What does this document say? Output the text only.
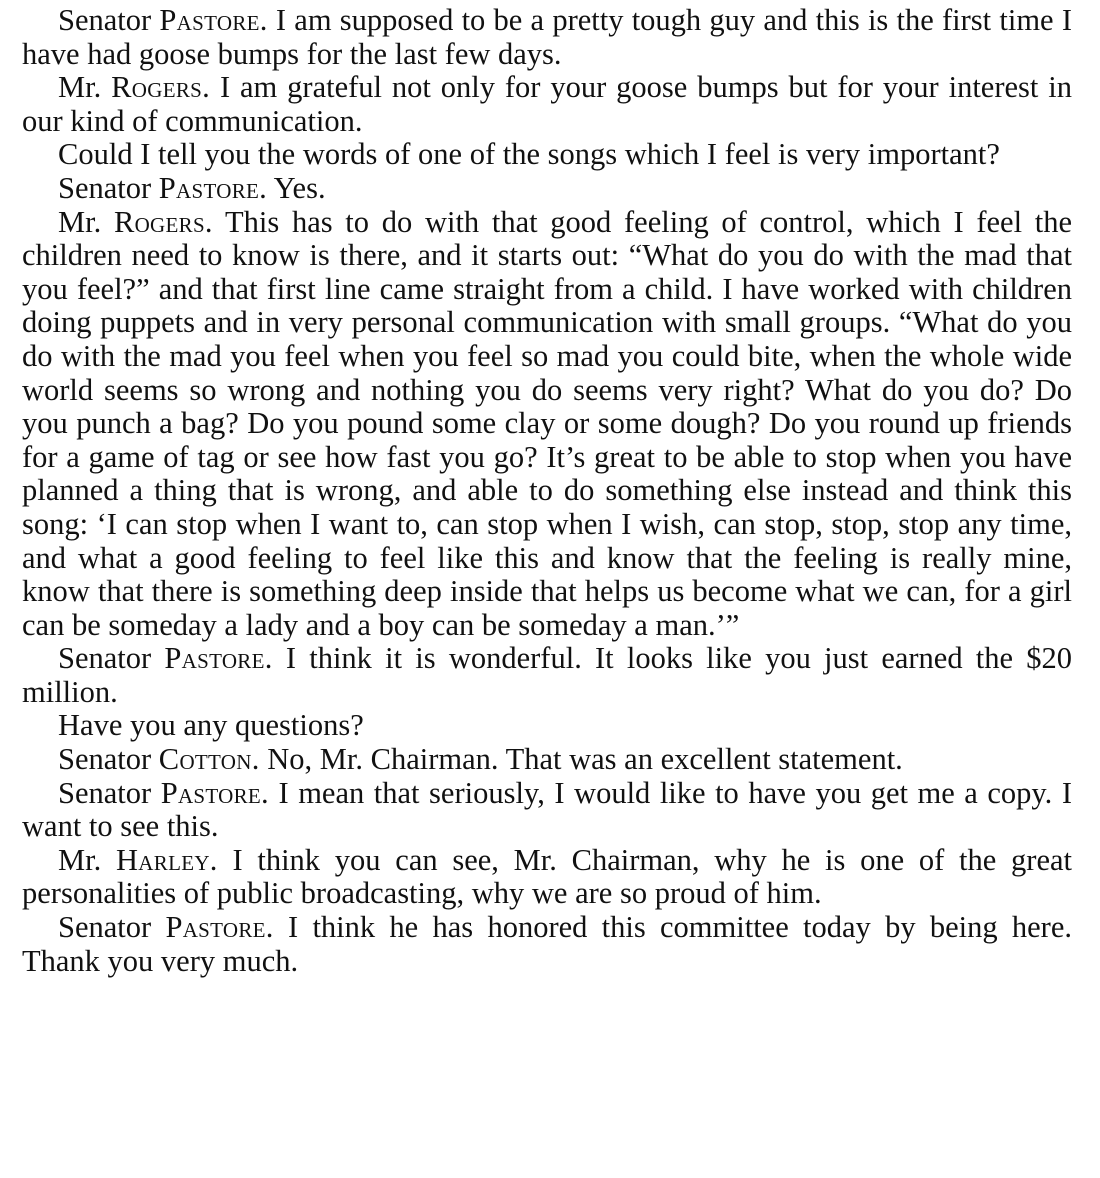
Senator Pastore. I am supposed to be a pretty tough guy and this is the first time I have had goose bumps for the last few days.

Mr. Rogers. I am grateful not only for your goose bumps but for your interest in our kind of communication.

Could I tell you the words of one of the songs which I feel is very important?

Senator Pastore. Yes.

Mr. Rogers. This has to do with that good feeling of control, which I feel the children need to know is there, and it starts out: “What do you do with the mad that you feel?” and that first line came straight from a child. I have worked with children doing puppets and in very personal communication with small groups. “What do you do with the mad you feel when you feel so mad you could bite, when the whole wide world seems so wrong and nothing you do seems very right? What do you do? Do you punch a bag? Do you pound some clay or some dough? Do you round up friends for a game of tag or see how fast you go? It’s great to be able to stop when you have planned a thing that is wrong, and able to do something else instead and think this song: ‘I can stop when I want to, can stop when I wish, can stop, stop, stop any time, and what a good feeling to feel like this and know that the feeling is really mine, know that there is something deep inside that helps us become what we can, for a girl can be someday a lady and a boy can be someday a man.’”

Senator Pastore. I think it is wonderful. It looks like you just earned the $20 million.

Have you any questions?

Senator Cotton. No, Mr. Chairman. That was an excellent statement.

Senator Pastore. I mean that seriously, I would like to have you get me a copy. I want to see this.

Mr. Harley. I think you can see, Mr. Chairman, why he is one of the great personalities of public broadcasting, why we are so proud of him.

Senator Pastore. I think he has honored this committee today by being here. Thank you very much.
